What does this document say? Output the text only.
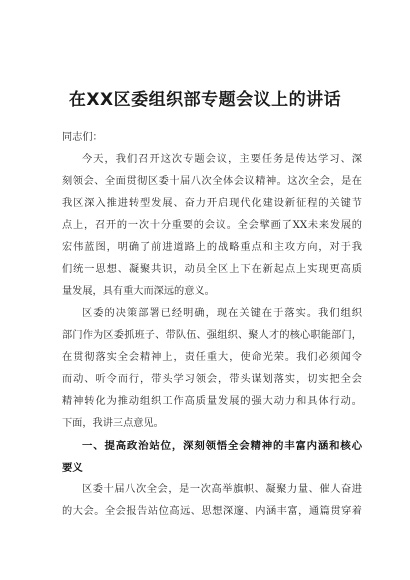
在XX区委组织部专题会议上的讲话
同志们：
今天，我们召开这次专题会议，主要任务是传达学习、深
刻领会、全面贯彻区委十届八次全体会议精神。这次全会，是在
我区深入推进转型发展、奋力开启现代化建设新征程的关键节
点上，召开的一次十分重要的会议。全会擘画了XX未来发展的
宏伟蓝图，明确了前进道路上的战略重点和主攻方向，对于我
们统一思想、凝聚共识，动员全区上下在新起点上实现更高质
量发展，具有重大而深远的意义。
区委的决策部署已经明确，现在关键在于落实。我们组织
部门作为区委抓班子、带队伍、强组织、聚人才的核心职能部门，
在贯彻落实全会精神上，责任重大，使命光荣。我们必须闻令
而动、听令而行，带头学习领会，带头谋划落实，切实把全会
精神转化为推动组织工作高质量发展的强大动力和具体行动。
下面，我讲三点意见。
一、提高政治站位，深刻领悟全会精神的丰富内涵和核心
要义
区委十届八次全会，是一次高举旗帜、凝聚力量、催人奋进
的大会。全会报告站位高远、思想深邃、内涵丰富，通篇贯穿着
